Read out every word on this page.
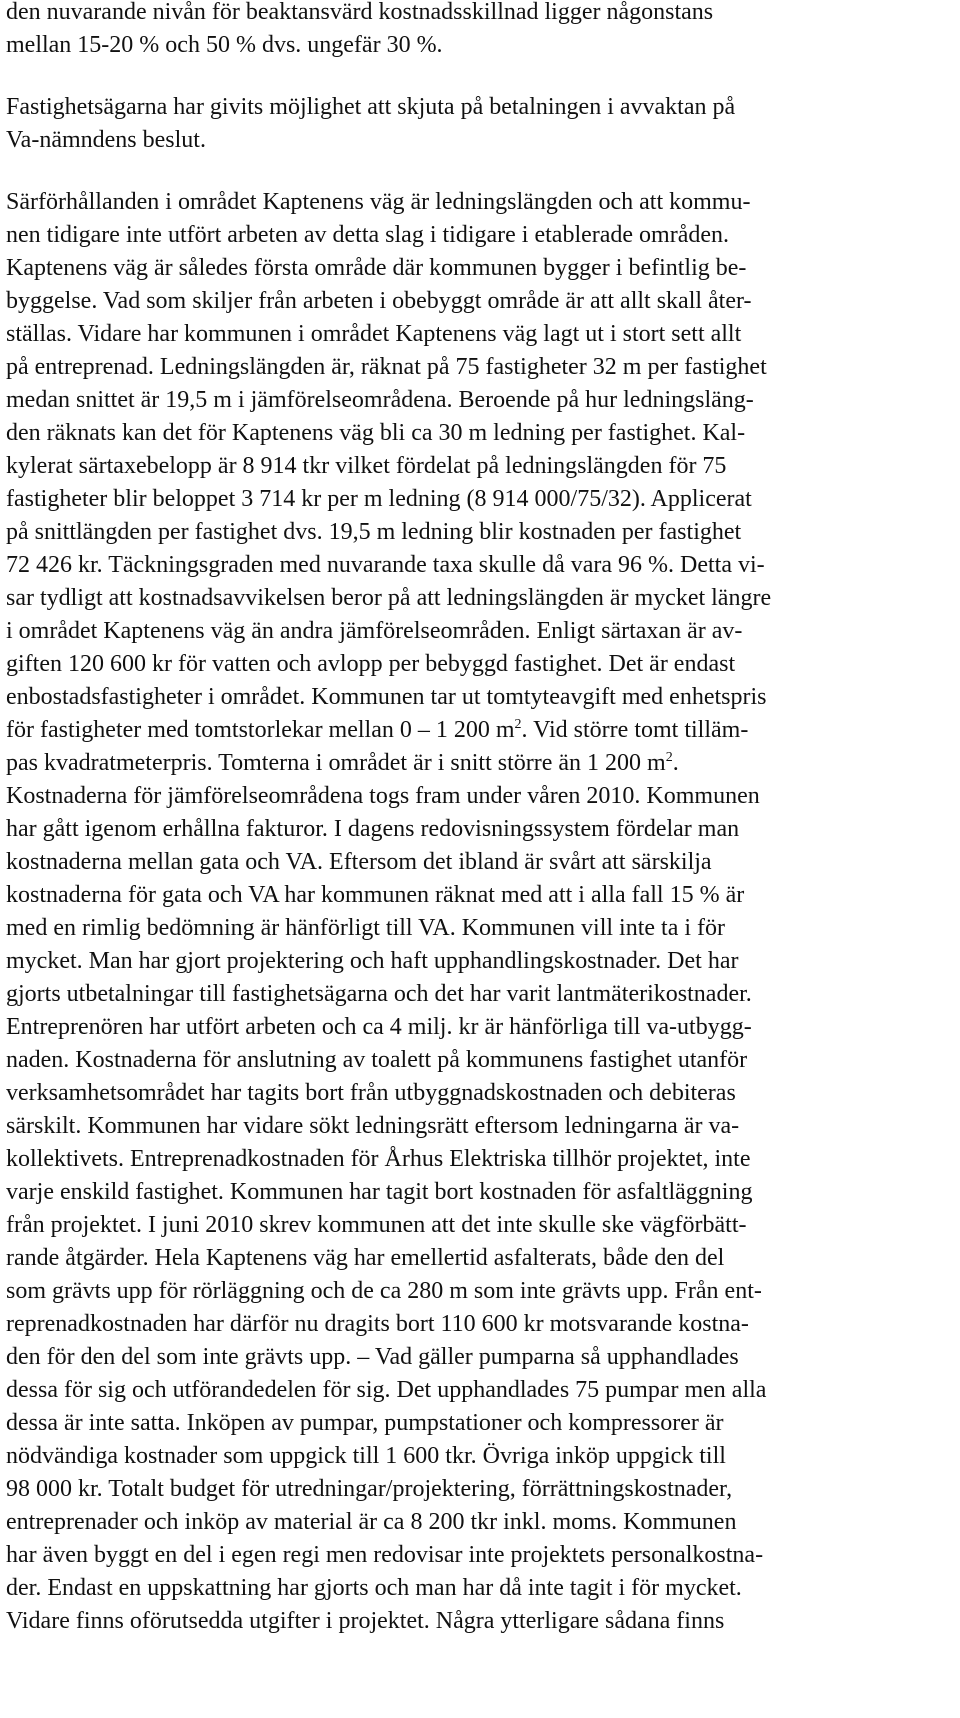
den nuvarande nivån för beaktansvärd kostnadsskillnad ligger någonstans
mellan 15-20 % och 50 % dvs. ungefär 30 %.
Fastighetsägarna har givits möjlighet att skjuta på betalningen i avvaktan på
Va-nämndens beslut.
Särförhållanden i området Kaptenens väg är ledningslängden och att kommu-
nen tidigare inte utfört arbeten av detta slag i tidigare i etablerade områden.
Kaptenens väg är således första område där kommunen bygger i befintlig be-
byggelse. Vad som skiljer från arbeten i obebyggt område är att allt skall åter-
ställas. Vidare har kommunen i området Kaptenens väg lagt ut i stort sett allt
på entreprenad. Ledningslängden är, räknat på 75 fastigheter 32 m per fastighet
medan snittet är 19,5 m i jämförelseområdena. Beroende på hur ledningsläng-
den räknats kan det för Kaptenens väg bli ca 30 m ledning per fastighet. Kal-
kylerat särtaxebelopp är 8 914 tkr vilket fördelat på ledningslängden för 75
fastigheter blir beloppet 3 714 kr per m ledning (8 914 000/75/32). Applicerat
på snittlängden per fastighet dvs. 19,5 m ledning blir kostnaden per fastighet
72 426 kr. Täckningsgraden med nuvarande taxa skulle då vara 96 %. Detta vi-
sar tydligt att kostnadsavvikelsen beror på att ledningslängden är mycket längre
i området Kaptenens väg än andra jämförelseområden. Enligt särtaxan är av-
giften 120 600 kr för vatten och avlopp per bebyggd fastighet. Det är endast
enbostadsfastigheter i området. Kommunen tar ut tomtyteavgift med enhetspris
för fastigheter med tomtstorlekar mellan 0 – 1 200 $m^2$. Vid större tomt tilläm-
pas kvadratmeterpris. Tomterna i området är i snitt större än 1 200 $m^2$.
Kostnaderna för jämförelseområdena togs fram under våren 2010. Kommunen
har gått igenom erhållna fakturor. I dagens redovisningssystem fördelar man
kostnaderna mellan gata och VA. Eftersom det ibland är svårt att särskilja
kostnaderna för gata och VA har kommunen räknat med att i alla fall 15 % är
med en rimlig bedömning är hänförligt till VA. Kommunen vill inte ta i för
mycket. Man har gjort projektering och haft upphandlingskostnader. Det har
gjorts utbetalningar till fastighetsägarna och det har varit lantmäterikostnader.
Entreprenören har utfört arbeten och ca 4 milj. kr är hänförliga till va-utbygg-
naden. Kostnaderna för anslutning av toalett på kommunens fastighet utanför
verksamhetsområdet har tagits bort från utbyggnadskostnaden och debiteras
särskilt. Kommunen har vidare sökt ledningsrätt eftersom ledningarna är va-
kollektivets. Entreprenadkostnaden för Århus Elektriska tillhör projektet, inte
varje enskild fastighet. Kommunen har tagit bort kostnaden för asfaltläggning
från projektet. I juni 2010 skrev kommunen att det inte skulle ske vägförbätt-
rande åtgärder. Hela Kaptenens väg har emellertid asfalterats, både den del
som grävts upp för rörläggning och de ca 280 m som inte grävts upp. Från ent-
reprenadkostnaden har därför nu dragits bort 110 600 kr motsvarande kostna-
den för den del som inte grävts upp. – Vad gäller pumparna så upphandlades
dessa för sig och utförandedelen för sig. Det upphandlades 75 pumpar men alla
dessa är inte satta. Inköpen av pumpar, pumpstationer och kompressorer är
nödvändiga kostnader som uppgick till 1 600 tkr. Övriga inköp uppgick till
98 000 kr. Totalt budget för utredningar/projektering, förrättningskostnader,
entreprenader och inköp av material är ca 8 200 tkr inkl. moms. Kommunen
har även byggt en del i egen regi men redovisar inte projektets personalkostna-
der. Endast en uppskattning har gjorts och man har då inte tagit i för mycket.
Vidare finns oförutsedda utgifter i projektet. Några ytterligare sådana finns
